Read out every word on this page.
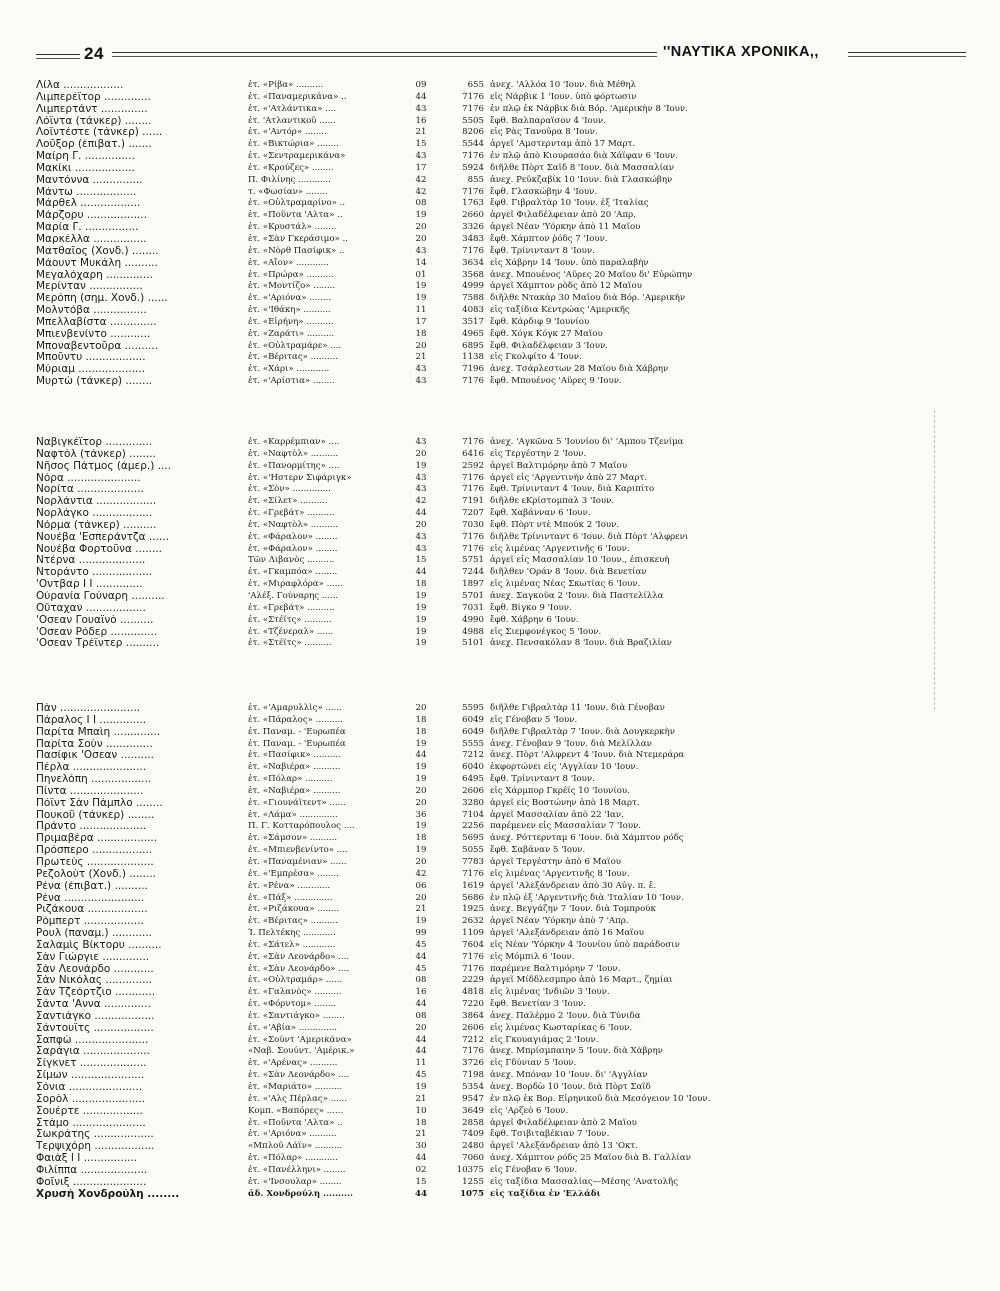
24	''ΝΑΥΤΙΚΑ ΧΡΟΝΙΚΑ,,
Λίλα ..................	ἐτ. «Ρίβα» ..........	09	655 ἀνεχ. 'Αλλόα 10 'Ιουν. διὰ Μέθηλ
Λιμπερέϊτορ ..............	ἐτ. «Παναμερικάνα» ..	44	7176 εἰς Νάρβικ 1 'Ιουν. ὑπὸ φόρτωσιν
Λιμπερτάντ ..............	ἐτ. «'Ατλάντικα» ....	43	7176 ἐν πλῷ ἐκ Νάρβικ διὰ Βόρ. 'Αμερικὴν 8 'Ιουν.
Λόϊντα (τάνκερ) ........	ἐτ. 'Ατλαντικοῦ ......	16	5505 ἔφθ. Βαλπαραΐσον 4 'Ιουν.
Λοϊντέστε (τάνκερ) ......	ἐτ. «'Αντόρ» ........	21	8206 εἰς Ρὰς Τανοῦρα 8 'Ιουν.
Λοῦξορ (ἐπιβατ.) .......	ἐτ. «Βικτώρια» ........	15	5544 ἀργεῖ 'Αμστερνταμ ἀπὸ 17 Μαρτ.
Μαίρη Γ. ...............	ἐτ. «Σεντραμερικάνα»	43	7176 ἐν πλῷ ἀπὸ Κιουρασάο διὰ Χάϊφαν 6 'Ιουν.
Μακίκι ..................	ἐτ. «Κρούζες» ........	17	5924 διῆλθε Πὸρτ Σαΐδ 8 'Ιουν. διὰ Μασσαλίαν
Μαντόννα ...............	Π. Φιλίνης ............	42	855 ἀνεχ. Ρεϋκζαβίκ 10 'Ιουν. διὰ Γλασκώβην
Μάντω ..................	τ. «Φωσίαν» ........	42	7176 ἔφθ. Γλασκώβην 4 'Ιουν.
Μάρθελ ..................	ἐτ. «Οὐλτραμαρίνο» ..	08	1763 ἔφθ. Γιβραλτὰρ 10 'Ιουν. ἐξ 'Ιταλίας
Μάρζορυ ..................	ἐτ. «Ποῦντα 'Αλτα» ..	19	2660 ἀργεῖ Φιλαδέλφειαν ἀπὸ 20 'Απρ.
Μαρία Γ. ................	ἐτ. «Κρυστάλ» ........	20	3326 ἀργεῖ Νέαν 'Υόρκην ἀπὸ 11 Μαΐου
Μαρκέλλα ................	ἐτ. «Σὰν Γκεράσιμο» ..	20	3483 ἔφθ. Χάμπτον ῥόδς 7 'Ιουν.
Ματθαῖος (Χονδ.) ........	ἐτ. «Νὸρθ Πασίφικ» ..	43	7176 ἔφθ. Τρίνινταντ 8 'Ιουν.
Μάουντ Μυκάλη ..........	ἐτ. «Αἴον» ............	14	3634 εἰς Χάβρην 14 'Ιουν. ὑπὸ παραλαβὴν
Μεγαλόχαρη ..............	ἐτ. «Πρώρα» ..........	01	3568 ἀνεχ. Μπουένος 'Αϋρες 20 Μαΐου δι' Εὐρώπην
Μερίνταν ................	ἐτ. «Μοντίζο» ........	19	4999 ἀργεῖ Χάμπτον ρὸδς ἀπὸ 12 Μαΐου
Μερόπη (σημ. Χονδ.) ......	ἐτ. «'Αριόνα» ........	19	7588 διῆλθε Ντακὰρ 30 Μαΐου διὰ Βόρ. 'Αμερικὴν
Μολντόβα ................	ἐτ. «'Ιθάκη» ..........	11	4083 εἰς ταξίδια Κεντρώας 'Αμερικῆς
Μπελλαβίστα ..............	ἐτ. «Εἰρήνη» ..........	17	3517 ἔφθ. Κάρδιφ 9 'Ιουνίου
Μπιενβενίντο ............	ἐτ. «Ζαράτι» ..........	18	4965 ἔφθ. Χόγκ Κόγκ 27 Μαΐου
Μποναβεντοῦρα ..........	ἐτ. «Οὐλτραμάρε» ....	20	6895 ἔφθ. Φιλαδέλφειαν 3 'Ιουν.
Μποῦντυ ..................	ἐτ. «Βέριτας» ..........	21	1138 εἰς Γκολφίτο 4 'Ιουν.
Μύριαμ ....................	ἐτ. «Χάρι» ............	43	7196 ἀνεχ. Τσάρλεστων 28 Μαΐου διὰ Χάβρην
Μυρτὼ (τάνκερ) ........	ἐτ. «'Αρίστια» ........	43	7176 ἔφθ. Μπουένος 'Αϋρες 9 'Ιουν.
Ναβιγκέϊτορ ..............	ἐτ. «Καρρέμπιαν» ....	43	7176 ἀνεχ. 'Αγκῶνα 5 'Ιουνίου δι' 'Αμπου Τζενίμα
Ναφτὸλ (τάνκερ) ........	ἐτ. «Ναφτὸλ» ..........	20	6416 εἰς Τεργέστην 2 'Ιουν.
Νῆσος Πάτμος (ἀμερ.) ....	ἐτ. «Πανορμίτης» ....	19	2592 ἀργεῖ Βαλτιμόρην ἀπὸ 7 Μαΐου
Νόρα ......................	ἐτ. «'Ηστερν Σιφάριγκ»	43	7176 ἀργεῖ εἰς 'Αργεντινὴν ἀπὸ 27 Μαρτ.
Νορίτα ....................	ἐτ. «Σὸν» ..............	43	7176 ἔφθ. Τρίνινταντ 4 'Ιουν. διὰ Καριπίτο
Νορλάντια ..................	ἐτ. «Σίλετ» ..........	42	7191 διῆλθε εΚρίστομπαλ 3 'Ιουν.
Νορλάγκο ..................	ἐτ. «Γρεβάτ» ..........	44	7207 ἔφθ. Χαβάνναν 6 'Ιουν.
Νόρμα (τάνκερ) ..........	ἐτ. «Ναφτὸλ» ..........	20	7030 ἔφθ. Πὸρτ ντὲ Μπούκ 2 'Ιουν.
Νουέβα 'Εσπεράντζα ......	ἐτ. «Φάραλον» ........	43	7176 διῆλθε Τρίνινταντ 6 'Ιουν. διὰ Πὸρτ 'Αλφρενι
Νουέβα Φορτοῦνα ........	ἐτ. «Φάραλον» ........	43	7176 εἰς λιμένας 'Αργεντινῆς 6 'Ιουν.
Ντέρνα ....................	Τῶν Λιβανὸς ..........	15	5751 ἀργεῖ εἰς Μασσαλίαν 10 'Ιουν., ἐπισκευὴ
Ντοράντο ..................	ἐτ. «Γκαμπόα» ........	44	7244 διῆλθεν 'Οράν 8 'Ιουν. διὰ Βενετίαν
'Οντβαρ Ι Ι ..............	ἐτ. «Μιραφλόρα» ......	18	1897 εἰς λιμένας Νέας Σκωτίας 6 'Ιουν.
Οὐρανία Γούναρη ..........	'Αλέξ. Γούναρης ......	19	5701 ἀνεχ. Σαγκοῦα 2 'Ιουν. διὰ Παστελίλλα
Οὔταχαν ..................	ἐτ. «Γρεβάτ» ..........	19	7031 ἔφθ. Βίγκο 9 'Ιουν.
'Οσεαν Γουαϊνὸ ..........	ἐτ. «Στέϊτς» ..........	19	4990 ἔφθ. Χάβρην 6 'Ιουν.
'Οσεαν Ρόδερ ..............	ἐτ. «Τζένεραλ» ......	19	4988 εἰς Σιεμφονέγκος 5 'Ιουν.
'Οσεαν Τρέϊντερ ..........	ἐτ. «Στέϊτς» ..........	19	5101 ἀνεχ. Πενσακόλαν 8 'Ιουν. διὰ Βραζιλίαν
Πὰν ........................	ἐτ. «'Αμαρυλλὶς» ......	20	5595 διῆλθε Γιβραλτὰρ 11 'Ιουν. διὰ Γένοβαν
Πάραλος Ι Ι ..............	ἐτ. «Πάραλος» ..........	18	6049 εἰς Γένοβαν 5 'Ιουν.
Παρίτα Μπαὶη ..............	ἐτ. Παναμ. - 'Ευρωπέα	18	6049 διῆλθε Γιβραλτὰρ 7 'Ιουν. διὰ Δουγκερκὴν
Παρίτα Σοὺν ..............	ἐτ. Παναμ. - 'Ευρωπέα	19	5555 ἀνεχ. Γένοβαν 9 'Ιουν. διὰ Μελίλλαν
Πασίφικ 'Οσεαν ..........	ἐτ. «Πασίφικ» ..........	44	7212 ἀνεχ. Πὸρτ 'Αλφρεντ 4 'Ιουν. διὰ Ντεμεράρα
Πέρλα ......................	ἐτ. «Ναβιέρα» ..........	19	6040 ἐκφορτώνει εἰς 'Αγγλίαν 10 'Ιουν.
Πηνελόπη ..................	ἐτ. «Πόλαρ» ..........	19	6495 ἔφθ. Τρίνινταντ 8 'Ιουν.
Πίντα ......................	ἐτ. «Ναβιέρα» ..........	20	2606 εἰς Χάρμπορ Γκρέϊς 10 'Ιουνίου.
Πόϊντ Σὰν Πάμπλο ........	ἐτ. «Γιουνάϊτεντ» ......	20	3280 ἀργεῖ εἰς Βοστώνην ἀπὸ 18 Μαρτ.
Πουκοῦ (τάνκερ) ........	ἐτ. «Λάμα» ..............	36	7104 ἀργεῖ Μασσαλίαν ἀπὸ 22 'Ιαν.
Πράντο ....................	Π. Γ. Κοτταρόπουλος ....	19	2256 παρέμενεν εἰς Μασσαλίαν 7 'Ιουν.
Πριμαβέρα ..................	ἐτ. «Σάμσον» ..........	18	5695 ἀνεχ. Ρόττερνταμ 6 'Ιουν. διὰ Χάμπτον ρόδς
Πρόσπερο ..................	ἐτ. «Μπιενβενίντο» ....	19	5055 ἔφθ. Σαβάναν 5 'Ιουν.
Πρωτεὺς ....................	ἐτ. «Παναμένιαν» ......	20	7783 ἀργεῖ Τεργέστην ἀπὸ 6 Μαΐου
Ρεζολοὺτ (Χονδ.) ........	ἐτ. «'Εμπρέσα» ........	42	7176 εἰς λιμένας 'Αργεντινῆς 8 'Ιουν.
Ρένα (ἐπιβατ.) ..........	ἐτ. «Ρένα» ............	06	1619 ἀργεῖ 'Αλεξάνδρειαν ἀπὸ 30 Αὐγ. π. ἔ.
Ρένα ........................	ἐτ. «Πάξ» ..............	20	5686 ἐν πλῷ ἐξ 'Αργεντινῆς διὰ 'Ιταλίαν 10 'Ιουν.
Ριζάκουα ..................	ἐτ. «Ριζάκουα» ........	21	1925 ἀνεχ. Βεγγάζην 7 'Ιουν. διὰ Τομπρούκ
Ρόμπερτ ..................	ἐτ. «Βέριτας» ..........	19	2632 ἀργεῖ Νέαν 'Υόρκην ἀπὸ 7 'Απρ.
Ρουλ (παναμ.) ............	Ί. Πελτέκης ............	99	1109 ἀργεῖ 'Αλεξάνδρειαν ἀπὸ 16 Μαΐου
Σαλαμὶς Βίκτορυ ..........	ἐτ. «Σάτελ» ............	45	7604 εἰς Νέαν 'Υόρκην 4 'Ιουνίου ὑπὸ παράδοσιν
Σὰν Γιώργιε ..............	ἐτ. «Σὰν Λεονάρδο» ....	44	7176 εἰς Μόμπιλ 6 'Ιουν.
Σὰν Λεονάρδο ............	ἐτ. «Σὰν Λεονάρδο» ....	45	7176 παρέμενε Βαλτιμόρην 7 'Ιουν.
Σὰν Νικόλας ..............	ἐτ. «Οὐλτραμάρ» ......	08	2229 ἀργεῖ Μίδδλεσμπρο ἀπὸ 16 Μαρτ., ζημίαι
Σὰν Τζεόρτζιο ............	ἐτ. «Γαλανὸς» ..........	16	4818 εἰς λιμένας 'Ινδιῶν 3 'Ιουν.
Σάντα 'Αννα ..............	ἐτ. «Φόρντομ» ........	44	7220 ἔφθ. Βενετίαν 3 'Ιουν.
Σαντιάγκο ..................	ἐτ. «Σαντιάγκο» ........	08	3864 ἀνεχ. Παλέρμο 2 'Ιουν. διὰ Τύνιδα
Σάντουϊτς ..................	ἐτ. «'Αβία» ..............	20	2606 εἰς λιμένας Κωσταρίκας 6 'Ιουν.
Σαπφὼ ......................	ἐτ. «Σοὺντ 'Αμερικάνα»	44	7212 εἰς Γκουαγιάμας 2 'Ιουν.
Σαράγια ....................	«Ναβ. Σουύντ. 'Αμέρικ.»	44	7176 ἀνεχ. Μπρίσμπαιην 5 'Ιουν. διὰ Χάβρην
Σίγκνετ ....................	ἐτ. «'Αρένας» ..........	11	3726 εἰς Γδύνιαν 5 'Ιουν.
Σίμων ......................	ἐτ. «Σὰν Λεονάρδο» ....	45	7198 ἀνεχ. Μπόναν 10 'Ιουν. δι' 'Αγγλίαν
Σόνια ......................	ἐτ. «Μαριάτο» ..........	19	5354 ἀνεχ. Βορδὼ 10 'Ιουν. διὰ Πὸρτ Σαΐδ
Σορὸλ ......................	ἐτ. «'Αλς Πέρλας» ......	21	9547 ἐν πλῷ ἐκ Βορ. Εἰρηνικοῦ διὰ Μεσόγειον 10 'Ιουν.
Σουέρτε ..................	Κομπ. «Βαπόρες» ......	10	3649 εἰς 'Αρζεὸ 6 'Ιουν.
Στάμο ......................	ἐτ. «Ποῦντα 'Αλτα» ..	18	2858 ἀργεῖ Φιλαδέλφειαν ἀπὸ 2 Μαΐου
Σωκράτης ..................	ἐτ. «'Αριόνα» ..........	21	7409 ἔφθ. Τσιβιταβέκιαν 7 'Ιουν.
Τερψιχόρη ..................	«Μπλοῦ Λάϊν» ..........	30	2480 ἀργεῖ 'Αλεξάνδρειαν ἀπὸ 13 'Οκτ.
Φαιὰξ Ι Ι ................	ἐτ. «Πόλαρ» ............	44	7060 ἀνεχ. Χάμπτον ρόδς 25 Μαΐου διὰ Β. Γαλλίαν
Φιλίππα ....................	ἐτ. «Πανέλληνι» ........	02	10375 εἰς Γένοβαν 6 'Ιουν.
Φοῖνιξ ......................	ἐτ. «'Ινσουλαρ» ........	15	1255 εἰς ταξίδια Μασσαλίας—Μέσης 'Ανατολῆς
Χρυσὴ Χονδρούλη ........	ἀδ. Χονδρούλη ..........	44	1075 εἰς ταξίδια ἐν 'Ελλάδι
